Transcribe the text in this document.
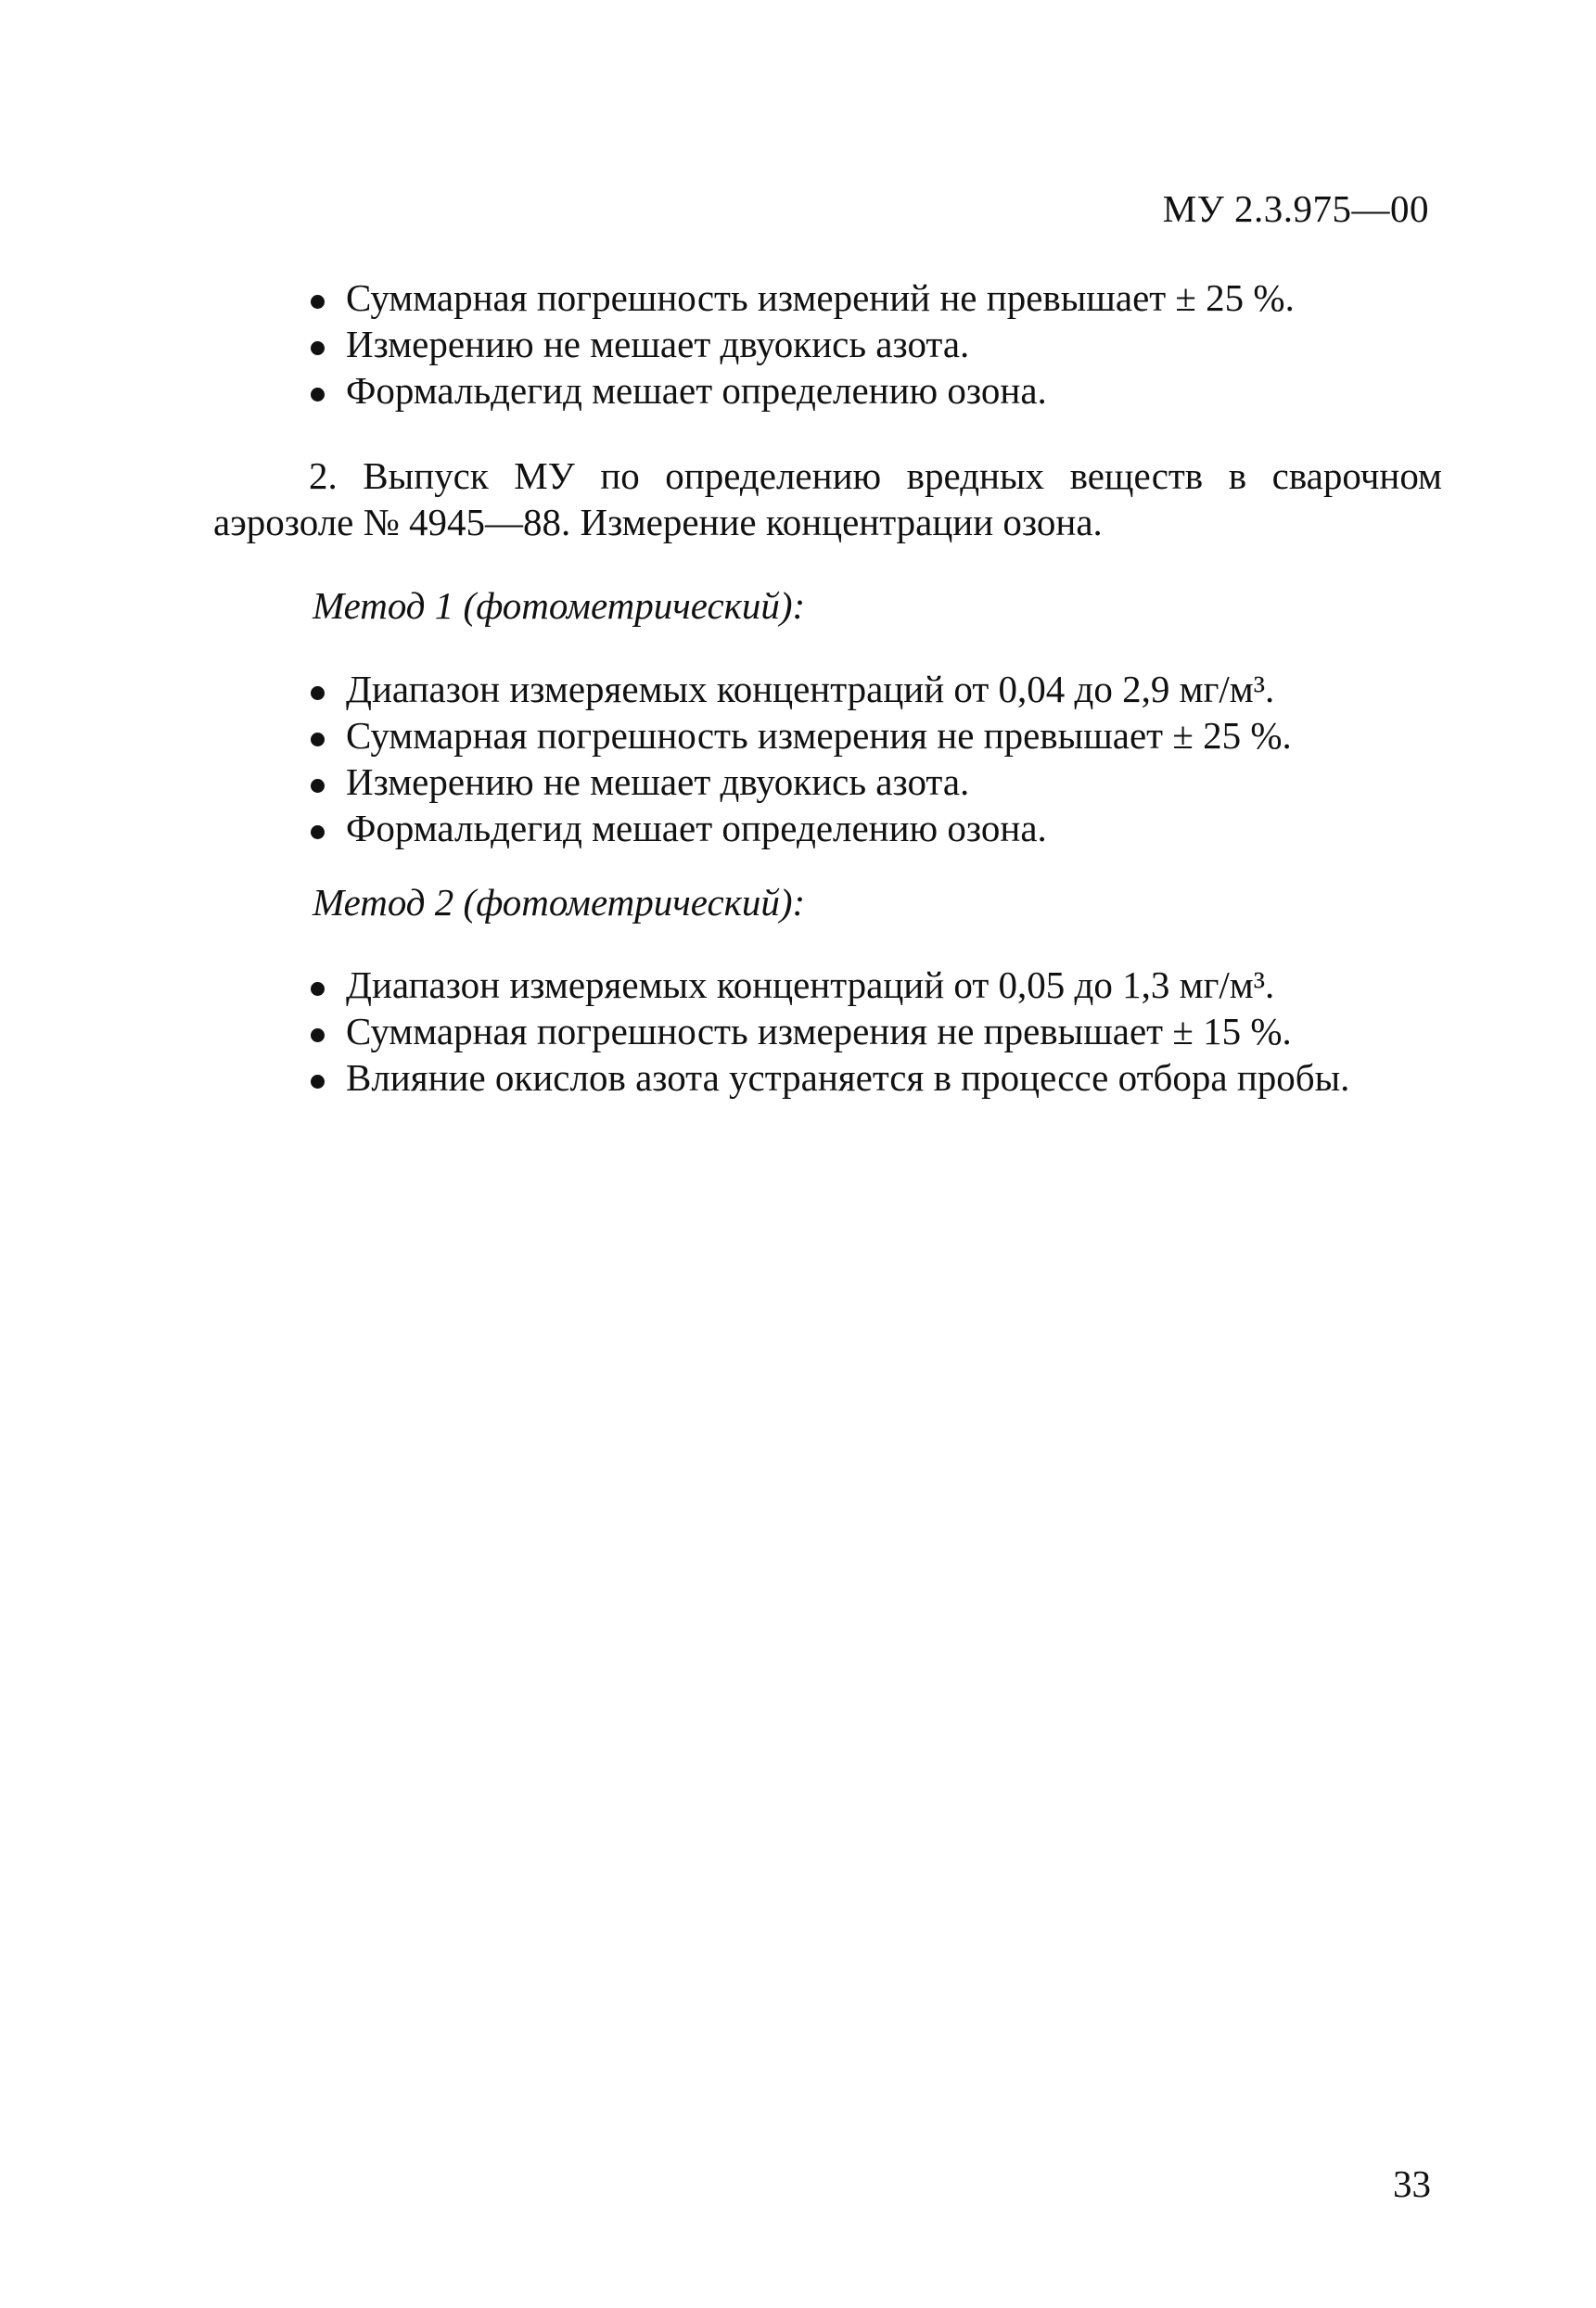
МУ 2.3.975—00
Суммарная погрешность измерений не превышает ± 25 %.
Измерению не мешает двуокись азота.
Формальдегид мешает определению озона.
2. Выпуск МУ по определению вредных веществ в сварочном
аэрозоле № 4945—88. Измерение концентрации озона.
Метод 1 (фотометрический):
Диапазон измеряемых концентраций от 0,04 до 2,9 мг/м³.
Суммарная погрешность измерения не превышает ± 25 %.
Измерению не мешает двуокись азота.
Формальдегид мешает определению озона.
Метод 2 (фотометрический):
Диапазон измеряемых концентраций от 0,05 до 1,3 мг/м³.
Суммарная погрешность измерения не превышает ± 15 %.
Влияние окислов азота устраняется в процессе отбора пробы.
33
